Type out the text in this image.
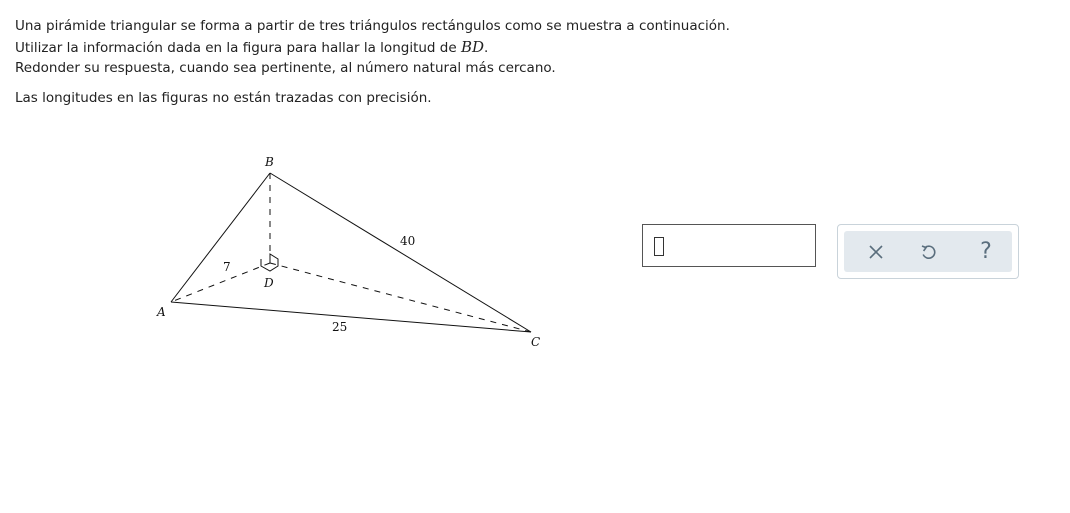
Una pirámide triangular se forma a partir de tres triángulos rectángulos como se muestra a continuación.

Utilizar la información dada en la figura para hallar la longitud de BD.

Redonder su respuesta, cuando sea pertinente, al número natural más cercano.

Las longitudes en las figuras no están trazadas con precisión.

B
A
C
D
7
40
25
?
